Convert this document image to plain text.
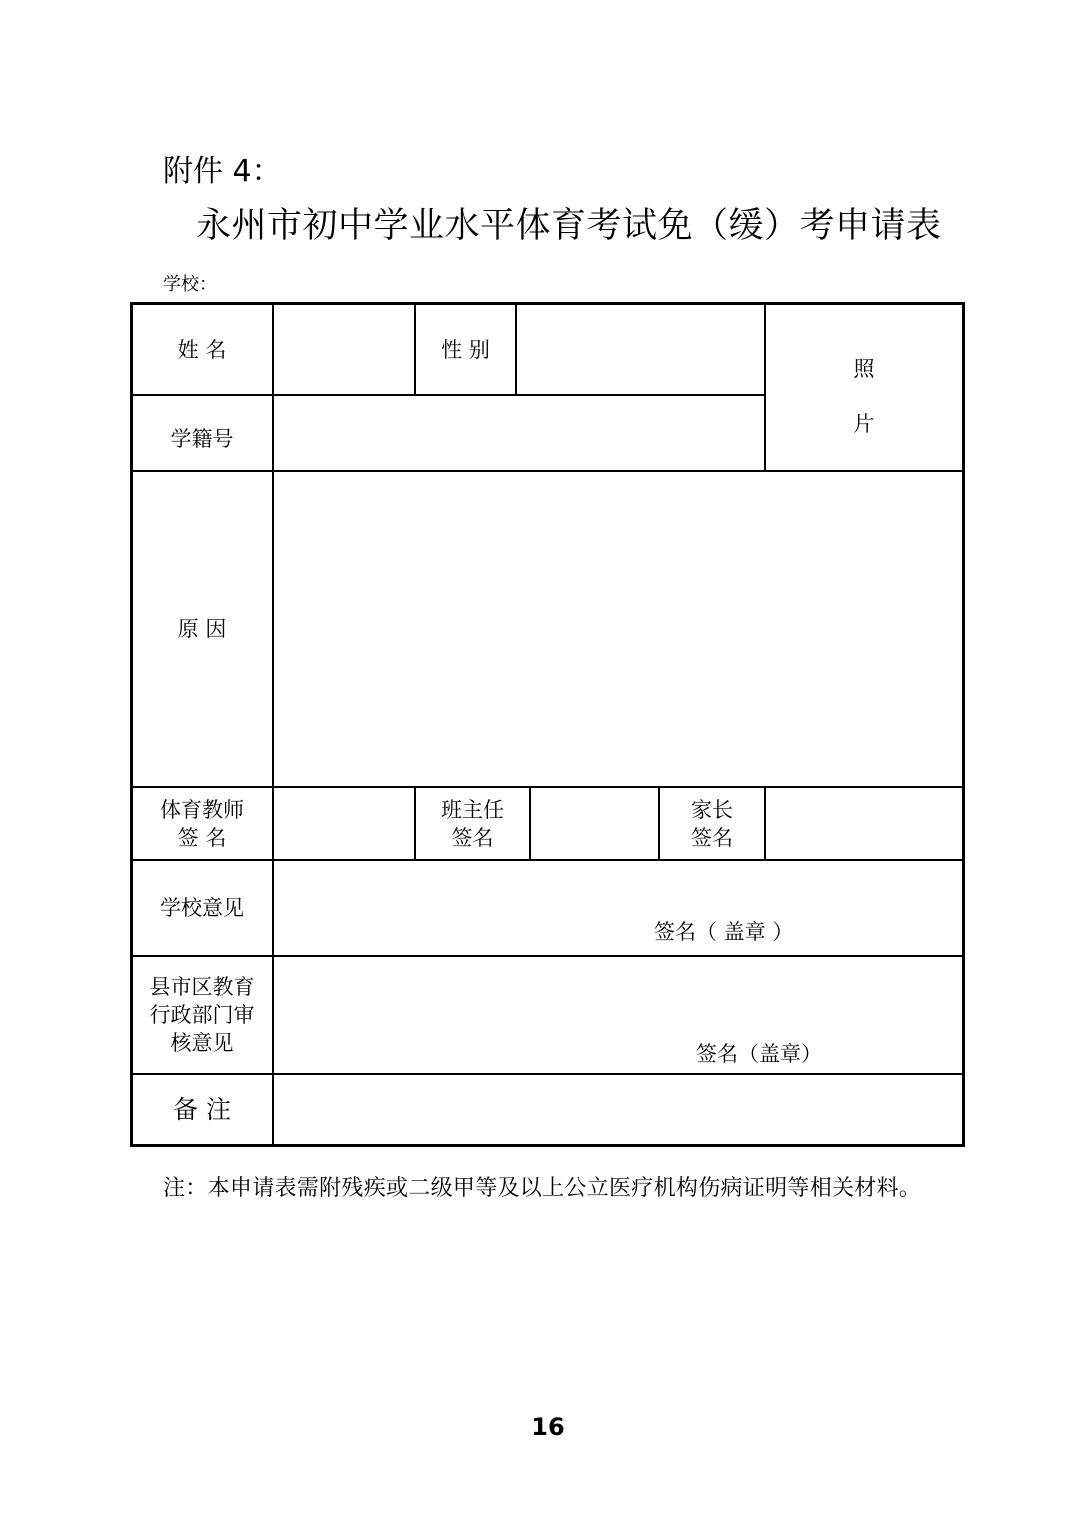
附件 4：
永州市初中学业水平体育考试免（缓）考申请表
学校：
姓 名	性 别
学籍号
照
片
原 因
体育教师
签 名
班主任
签名
家长
签名
学校意见
签名（ 盖章 ）
县市区教育
行政部门审
核意见	签名（盖章）
备 注
注：本申请表需附残疾或二级甲等及以上公立医疗机构伤病证明等相关材料。
16
